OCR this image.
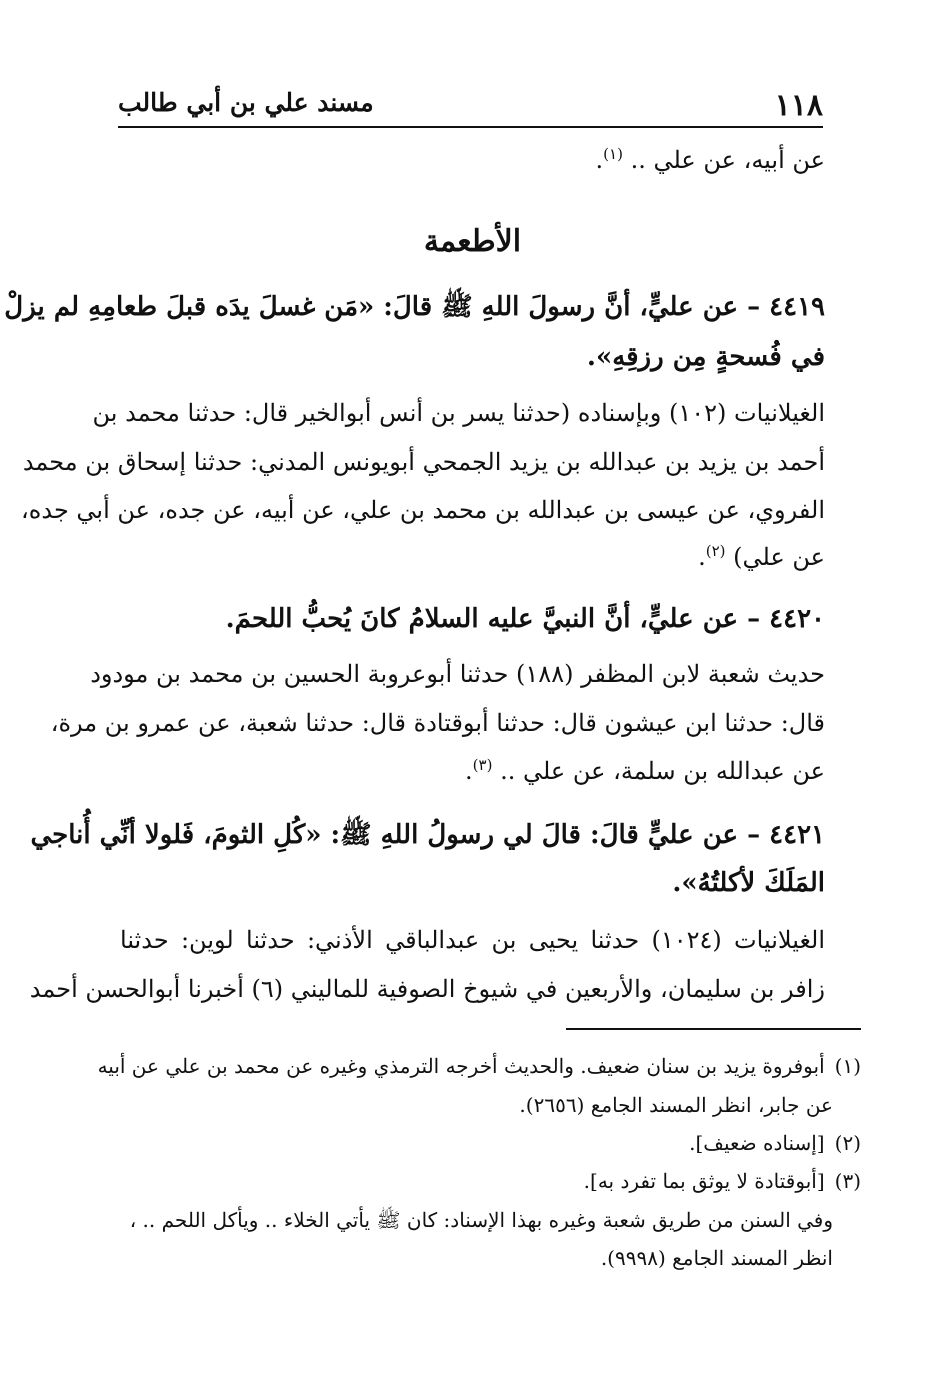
١١٨
مسند علي بن أبي طالب
عن أبيه، عن علي .. $^{(١)}$.
الأطعمة
٤٤١٩ – عن عليٍّ، أنَّ رسولَ اللهِ ﷺ قالَ: «مَن غسلَ يدَه قبلَ طعامِهِ لم يزلْ
في فُسحةٍ مِن رزقِهِ».
الغيلانيات (١٠٢) وبإسناده (حدثنا يسر بن أنس أبوالخير قال: حدثنا محمد بن
أحمد بن يزيد بن عبدالله بن يزيد الجمحي أبويونس المدني: حدثنا إسحاق بن محمد
الفروي، عن عيسى بن عبدالله بن محمد بن علي، عن أبيه، عن جده، عن أبي جده،
عن علي) $^{(٢)}$.
٤٤٢٠ – عن عليٍّ، أنَّ النبيَّ عليه السلامُ كانَ يُحبُّ اللحمَ.
حديث شعبة لابن المظفر (١٨٨) حدثنا أبوعروبة الحسين بن محمد بن مودود
قال: حدثنا ابن عيشون قال: حدثنا أبوقتادة قال: حدثنا شعبة، عن عمرو بن مرة،
عن عبدالله بن سلمة، عن علي .. $^{(٣)}$.
٤٤٢١ – عن عليٍّ قالَ: قالَ لي رسولُ اللهِ ﷺ: «كُلِ الثومَ، فَلولا أنِّي أُناجي
المَلَكَ لأكلتُهُ».
الغيلانيات (١٠٢٤) حدثنا يحيى بن عبدالباقي الأذني: حدثنا لوين: حدثنا
زافر بن سليمان، والأربعين في شيوخ الصوفية للماليني (٦) أخبرنا أبوالحسن أحمد
(١)أبوفروة يزيد بن سنان ضعيف. والحديث أخرجه الترمذي وغيره عن محمد بن علي عن أبيه
عن جابر، انظر المسند الجامع (٢٦٥٦).
(٢)[إسناده ضعيف].
(٣)[أبوقتادة لا يوثق بما تفرد به].
وفي السنن من طريق شعبة وغيره بهذا الإسناد: كان ﷺ يأتي الخلاء .. ويأكل اللحم .. ،
انظر المسند الجامع (٩٩٩٨).
